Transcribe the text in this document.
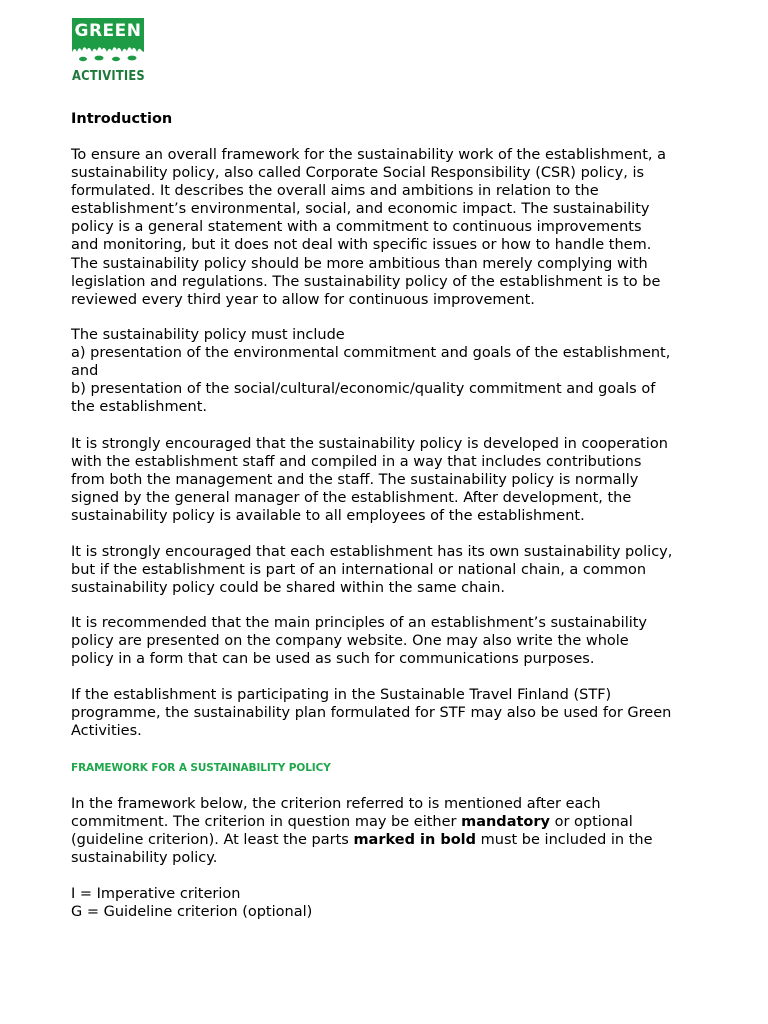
GREEN
ACTIVITIES
Introduction
To ensure an overall framework for the sustainability work of the establishment, a
sustainability policy, also called Corporate Social Responsibility (CSR) policy, is
formulated. It describes the overall aims and ambitions in relation to the
establishment’s environmental, social, and economic impact. The sustainability
policy is a general statement with a commitment to continuous improvements
and monitoring, but it does not deal with specific issues or how to handle them.
The sustainability policy should be more ambitious than merely complying with
legislation and regulations. The sustainability policy of the establishment is to be
reviewed every third year to allow for continuous improvement.
The sustainability policy must include
a) presentation of the environmental commitment and goals of the establishment,
and
b) presentation of the social/cultural/economic/quality commitment and goals of
the establishment.
It is strongly encouraged that the sustainability policy is developed in cooperation
with the establishment staff and compiled in a way that includes contributions
from both the management and the staff. The sustainability policy is normally
signed by the general manager of the establishment. After development, the
sustainability policy is available to all employees of the establishment.
It is strongly encouraged that each establishment has its own sustainability policy,
but if the establishment is part of an international or national chain, a common
sustainability policy could be shared within the same chain.
It is recommended that the main principles of an establishment’s sustainability
policy are presented on the company website. One may also write the whole
policy in a form that can be used as such for communications purposes.
If the establishment is participating in the Sustainable Travel Finland (STF)
programme, the sustainability plan formulated for STF may also be used for Green
Activities.
FRAMEWORK FOR A SUSTAINABILITY POLICY
In the framework below, the criterion referred to is mentioned after each
commitment. The criterion in question may be either mandatory or optional
(guideline criterion). At least the parts marked in bold must be included in the
sustainability policy.
I = Imperative criterion
G = Guideline criterion (optional)
